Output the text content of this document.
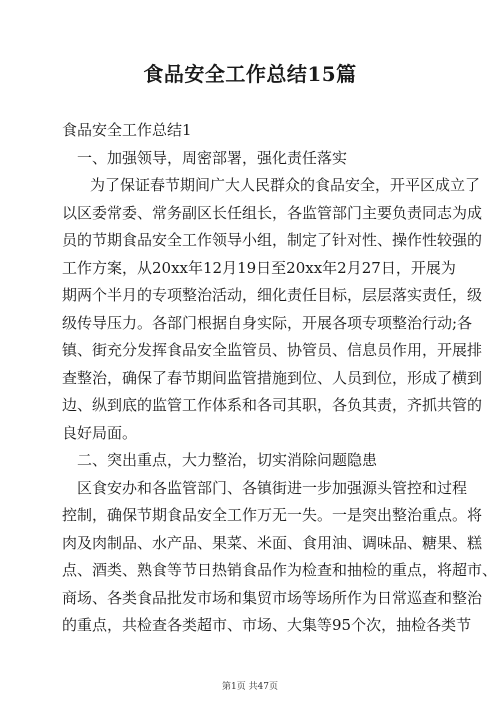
食品安全工作总结15篇

食品安全工作总结1

一、加强领导，周密部署，强化责任落实

为了保证春节期间广大人民群众的食品安全，开平区成立了

以区委常委、常务副区长任组长，各监管部门主要负责同志为成

员的节期食品安全工作领导小组，制定了针对性、操作性较强的

工作方案，从20xx年12月19日至20xx年2月27日，开展为

期两个半月的专项整治活动，细化责任目标，层层落实责任，级

级传导压力。各部门根据自身实际，开展各项专项整治行动;各

镇、街充分发挥食品安全监管员、协管员、信息员作用，开展排

查整治，确保了春节期间监管措施到位、人员到位，形成了横到

边、纵到底的监管工作体系和各司其职，各负其责，齐抓共管的

良好局面。

二、突出重点，大力整治，切实消除问题隐患

区食安办和各监管部门、各镇街进一步加强源头管控和过程

控制，确保节期食品安全工作万无一失。一是突出整治重点。将

肉及肉制品、水产品、果菜、米面、食用油、调味品、糖果、糕

点、酒类、熟食等节日热销食品作为检查和抽检的重点，将超市、

商场、各类食品批发市场和集贸市场等场所作为日常巡查和整治

的重点，共检查各类超市、市场、大集等95个次，抽检各类节

第1页 共47页
